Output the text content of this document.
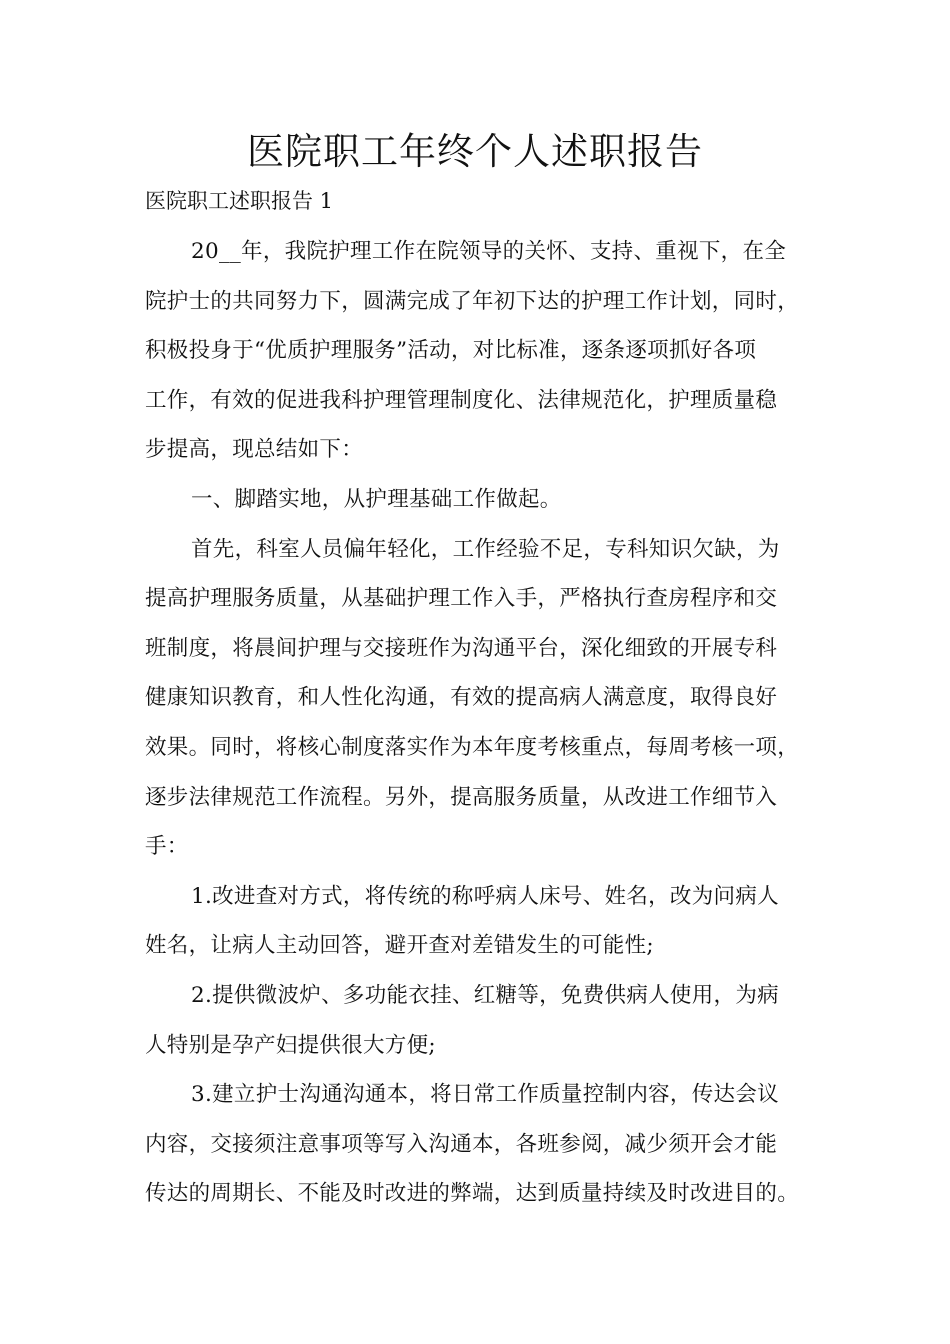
医院职工年终个人述职报告

医院职工述职报告 1

20__年，我院护理工作在院领导的关怀、支持、重视下，在全
院护士的共同努力下，圆满完成了年初下达的护理工作计划，同时，
积极投身于“优质护理服务”活动，对比标准，逐条逐项抓好各项
工作，有效的促进我科护理管理制度化、法律规范化，护理质量稳
步提高，现总结如下：
一、脚踏实地，从护理基础工作做起。
首先，科室人员偏年轻化，工作经验不足，专科知识欠缺，为
提高护理服务质量，从基础护理工作入手，严格执行查房程序和交
班制度，将晨间护理与交接班作为沟通平台，深化细致的开展专科
健康知识教育，和人性化沟通，有效的提高病人满意度，取得良好
效果。同时，将核心制度落实作为本年度考核重点，每周考核一项，
逐步法律规范工作流程。另外，提高服务质量，从改进工作细节入
手：
1.改进查对方式，将传统的称呼病人床号、姓名，改为问病人
姓名，让病人主动回答，避开查对差错发生的可能性;
2.提供微波炉、多功能衣挂、红糖等，免费供病人使用，为病
人特别是孕产妇提供很大方便;
3.建立护士沟通沟通本，将日常工作质量控制内容，传达会议
内容，交接须注意事项等写入沟通本，各班参阅，减少须开会才能
传达的周期长、不能及时改进的弊端，达到质量持续及时改进目的。
